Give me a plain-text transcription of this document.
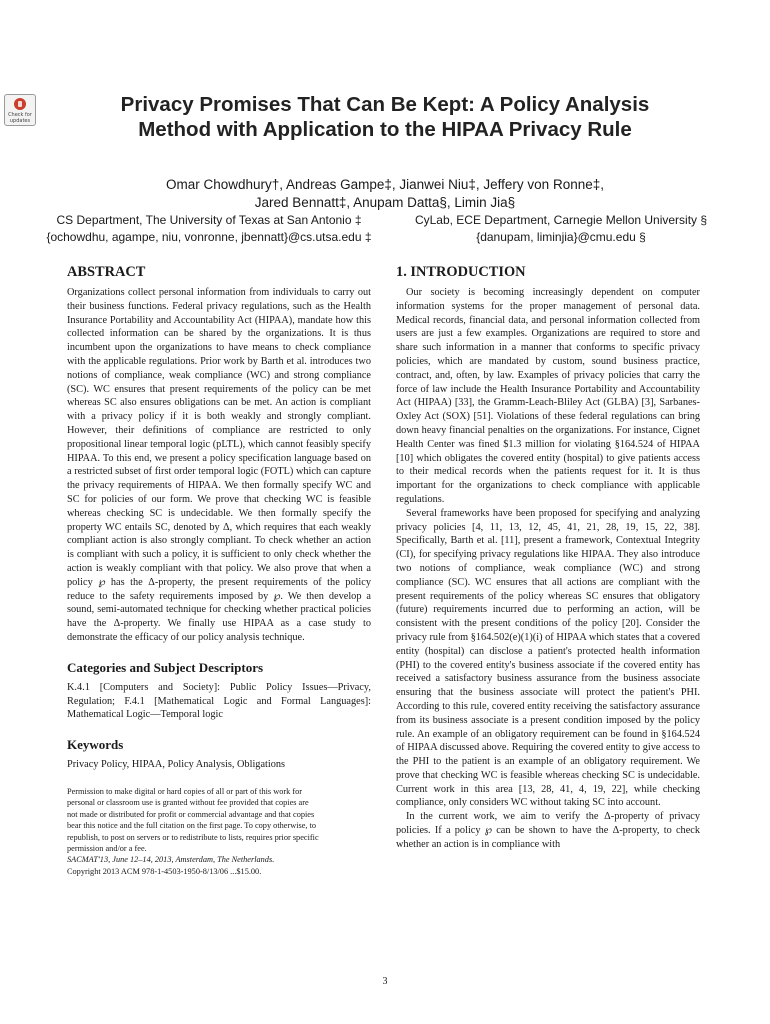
Check for
updates
Privacy Promises That Can Be Kept: A Policy Analysis
Method with Application to the HIPAA Privacy Rule
Omar Chowdhury†, Andreas Gampe‡, Jianwei Niu‡, Jeffery von Ronne‡,
Jared Bennatt‡, Anupam Datta§, Limin Jia§
CS Department, The University of Texas at San Antonio ‡	CyLab, ECE Department, Carnegie Mellon University §
{ochowdhu, agampe, niu, vonronne, jbennatt}@cs.utsa.edu ‡	{danupam, liminjia}@cmu.edu §
ABSTRACT

Organizations collect personal information from individuals to carry out their business functions. Federal privacy regulations, such as the Health Insurance Portability and Accountability Act (HIPAA), mandate how this collected information can be shared by the organizations. It is thus incumbent upon the organizations to have means to check compliance with the applicable regulations. Prior work by Barth et al. introduces two notions of compliance, weak compliance (WC) and strong compliance (SC). WC ensures that present requirements of the policy can be met whereas SC also ensures obligations can be met. An action is compliant with a privacy policy if it is both weakly and strongly compliant. However, their definitions of compliance are restricted to only propositional linear temporal logic (pLTL), which cannot feasibly specify HIPAA. To this end, we present a policy specification language based on a restricted subset of first order temporal logic (FOTL) which can capture the privacy requirements of HIPAA. We then formally specify WC and SC for policies of our form. We prove that checking WC is feasible whereas checking SC is undecidable. We then formally specify the property WC entails SC, denoted by Δ, which requires that each weakly compliant action is also strongly compliant. To check whether an action is compliant with such a policy, it is sufficient to only check whether the action is weakly compliant with that policy. We also prove that when a policy ℘ has the Δ-property, the present requirements of the policy reduce to the safety requirements imposed by ℘. We then develop a sound, semi-automated technique for checking whether practical policies have the Δ-property. We finally use HIPAA as a case study to demonstrate the efficacy of our policy analysis technique.

Categories and Subject Descriptors

K.4.1 [Computers and Society]: Public Policy Issues—Privacy, Regulation; F.4.1 [Mathematical Logic and Formal Languages]: Mathematical Logic—Temporal logic

Keywords

Privacy Policy, HIPAA, Policy Analysis, Obligations

Permission to make digital or hard copies of all or part of this work for
personal or classroom use is granted without fee provided that copies are
not made or distributed for profit or commercial advantage and that copies
bear this notice and the full citation on the first page. To copy otherwise, to
republish, to post on servers or to redistribute to lists, requires prior specific
permission and/or a fee.
SACMAT'13, June 12–14, 2013, Amsterdam, The Netherlands.
Copyright 2013 ACM 978-1-4503-1950-8/13/06 ...$15.00.
1. INTRODUCTION

Our society is becoming increasingly dependent on computer information systems for the proper management of personal data. Medical records, financial data, and personal information collected from users are just a few examples. Organizations are required to store and share such information in a manner that conforms to specific privacy policies, which are mandated by custom, sound business practice, contract, and, often, by law. Examples of privacy policies that carry the force of law include the Health Insurance Portability and Accountability Act (HIPAA) [33], the Gramm-Leach-Bliley Act (GLBA) [3], Sarbanes-Oxley Act (SOX) [51]. Violations of these federal regulations can bring down heavy financial penalties on the organizations. For instance, Cignet Health Center was fined $1.3 million for violating §164.524 of HIPAA [10] which obligates the covered entity (hospital) to give patients access to their medical records when the patients request for it. It is thus important for the organizations to check compliance with applicable regulations.

Several frameworks have been proposed for specifying and analyzing privacy policies [4, 11, 13, 12, 45, 41, 21, 28, 19, 15, 22, 38]. Specifically, Barth et al. [11], present a framework, Contextual Integrity (CI), for specifying privacy regulations like HIPAA. They also introduce two notions of compliance, weak compliance (WC) and strong compliance (SC). WC ensures that all actions are compliant with the present requirements of the policy whereas SC ensures that obligatory (future) requirements incurred due to performing an action, will be consistent with the present conditions of the policy [20]. Consider the privacy rule from §164.502(e)(1)(i) of HIPAA which states that a covered entity (hospital) can disclose a patient's protected health information (PHI) to the covered entity's business associate if the covered entity has received a satisfactory business assurance from the business associate ensuring that the business associate will protect the patient's PHI. According to this rule, covered entity receiving the satisfactory assurance from its business associate is a present condition imposed by the policy rule. An example of an obligatory requirement can be found in §164.524 of HIPAA discussed above. Requiring the covered entity to give access to the PHI to the patient is an example of an obligatory requirement. We prove that checking WC is feasible whereas checking SC is undecidable. Current work in this area [13, 28, 41, 4, 19, 22], while checking compliance, only considers WC without taking SC into account.

In the current work, we aim to verify the Δ-property of privacy policies. If a policy ℘ can be shown to have the Δ-property, to check whether an action is in compliance with

3
